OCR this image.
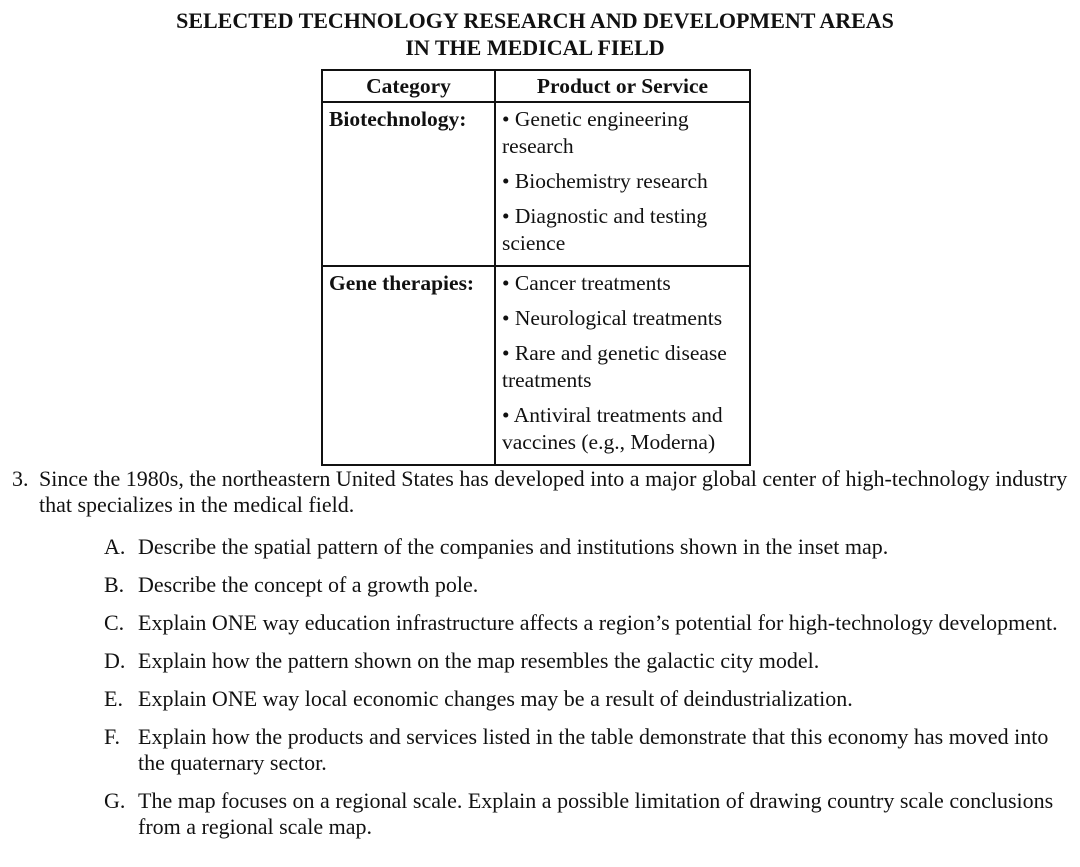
SELECTED TECHNOLOGY RESEARCH AND DEVELOPMENT AREAS
IN THE MEDICAL FIELD
Category	Product or Service
Biotechnology:	• Genetic engineering research
• Biochemistry research
• Diagnostic and testing science

Gene therapies:	• Cancer treatments
• Neurological treatments
• Rare and genetic disease treatments
• Antiviral treatments and vaccines (e.g., Moderna)
3. Since the 1980s, the northeastern United States has developed into a major global center of high-technology industry that specializes in the medical field.
A. Describe the spatial pattern of the companies and institutions shown in the inset map.
B. Describe the concept of a growth pole.
C. Explain ONE way education infrastructure affects a region’s potential for high-technology development.
D. Explain how the pattern shown on the map resembles the galactic city model.
E. Explain ONE way local economic changes may be a result of deindustrialization.
F. Explain how the products and services listed in the table demonstrate that this economy has moved into the quaternary sector.
G. The map focuses on a regional scale. Explain a possible limitation of drawing country scale conclusions from a regional scale map.
